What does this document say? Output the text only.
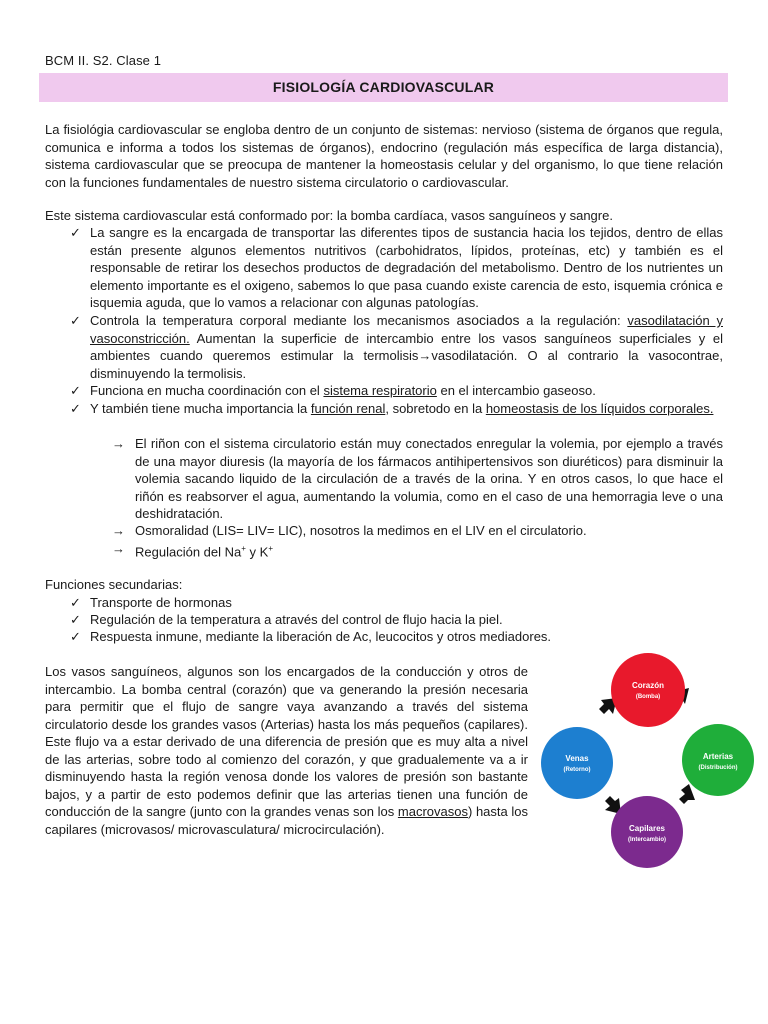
BCM II. S2. Clase 1
FISIOLOGÍA CARDIOVASCULAR
La fisiológia cardiovascular se engloba dentro de un conjunto de sistemas: nervioso (sistema de órganos que regula, comunica e informa a todos los sistemas de órganos), endocrino (regulación más específica de larga distancia), sistema cardiovascular que se preocupa de mantener la homeostasis celular y del organismo, lo que tiene relación con la funciones fundamentales de nuestro sistema circulatorio o cardiovascular.
Este sistema cardiovascular está conformado por: la bomba cardíaca, vasos sanguíneos y sangre.
✓ La sangre es la encargada de transportar las diferentes tipos de sustancia hacia los tejidos, dentro de ellas están presente algunos elementos nutritivos (carbohidratos, lípidos, proteínas, etc) y también es el responsable de retirar los desechos productos de degradación del metabolismo. Dentro de los nutrientes un elemento importante es el oxigeno, sabemos lo que pasa cuando existe carencia de esto, isquemia crónica e isquemia aguda, que lo vamos a relacionar con algunas patologías.
✓ Controla la temperatura corporal mediante los mecanismos asociados a la regulación: vasodilatación y vasoconstricción. Aumentan la superficie de intercambio entre los vasos sanguíneos superficiales y el ambientes cuando queremos estimular la termolisis→vasodilatación. O al contrario la vasocontrae, disminuyendo la termolisis.
✓ Funciona en mucha coordinación con el sistema respiratorio en el intercambio gaseoso.
✓ Y también tiene mucha importancia la función renal, sobretodo en la homeostasis de los líquidos corporales.
→ El riñon con el sistema circulatorio están muy conectados enregular la volemia, por ejemplo a través de una mayor diuresis (la mayoría de los fármacos antihipertensivos son diuréticos) para disminuir la volemia sacando liquido de la circulación de a través de la orina. Y en otros casos, lo que hace el riñón es reabsorver el agua, aumentando la volumia, como en el caso de una hemorragia leve o una deshidratación.
→ Osmoralidad (LIS= LIV= LIC), nosotros la medimos en el LIV en el circulatorio.
→ Regulación del Na+ y K+
Funciones secundarias:
✓ Transporte de hormonas
✓ Regulación de la temperatura a através del control de flujo hacia la piel.
✓ Respuesta inmune, mediante la liberación de Ac, leucocitos y otros mediadores.
Los vasos sanguíneos, algunos son los encargados de la conducción y otros de intercambio. La bomba central (corazón) que va generando la presión necesaria para permitir que el flujo de sangre vaya avanzando a través del sistema circulatorio desde los grandes vasos (Arterias) hasta los más pequeños (capilares). Este flujo va a estar derivado de una diferencia de presión que es muy alta a nivel de las arterias, sobre todo al comienzo del corazón, y que gradualemente va a ir disminuyendo hasta la región venosa donde los valores de presión son bastante bajos, y a partir de esto podemos definir que las arterias tienen una función de conducción de la sangre (junto con la grandes venas son los macrovasos) hasta los capilares (microvasos/ microvasculatura/ microcirculación).
Corazón
(Bomba)
Arterias
(Distribución)
Capilares
(Intercambio)
Venas
(Retorno)
